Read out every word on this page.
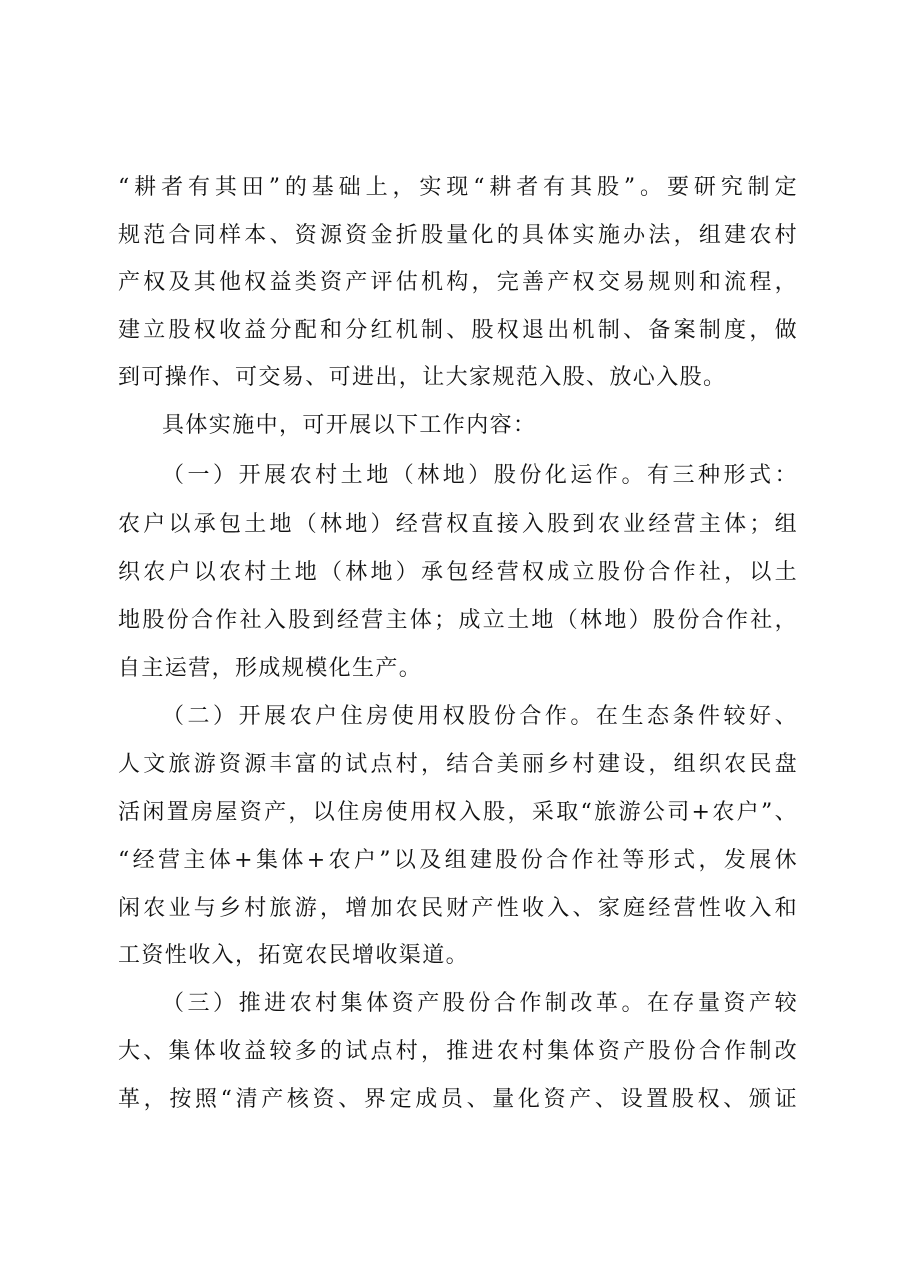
“耕者有其田”的基础上，实现“耕者有其股”。要研究制定
规范合同样本、资源资金折股量化的具体实施办法，组建农村
产权及其他权益类资产评估机构，完善产权交易规则和流程，
建立股权收益分配和分红机制、股权退出机制、备案制度，做
到可操作、可交易、可进出，让大家规范入股、放心入股。
具体实施中，可开展以下工作内容：
（一）开展农村土地（林地）股份化运作。有三种形式：
农户以承包土地（林地）经营权直接入股到农业经营主体；组
织农户以农村土地（林地）承包经营权成立股份合作社，以土
地股份合作社入股到经营主体；成立土地（林地）股份合作社，
自主运营，形成规模化生产。
（二）开展农户住房使用权股份合作。在生态条件较好、
人文旅游资源丰富的试点村，结合美丽乡村建设，组织农民盘
活闲置房屋资产，以住房使用权入股，采取“旅游公司+农户”、
“经营主体+集体+农户”以及组建股份合作社等形式，发展休
闲农业与乡村旅游，增加农民财产性收入、家庭经营性收入和
工资性收入，拓宽农民增收渠道。
（三）推进农村集体资产股份合作制改革。在存量资产较
大、集体收益较多的试点村，推进农村集体资产股份合作制改
革，按照“清产核资、界定成员、量化资产、设置股权、颁证
